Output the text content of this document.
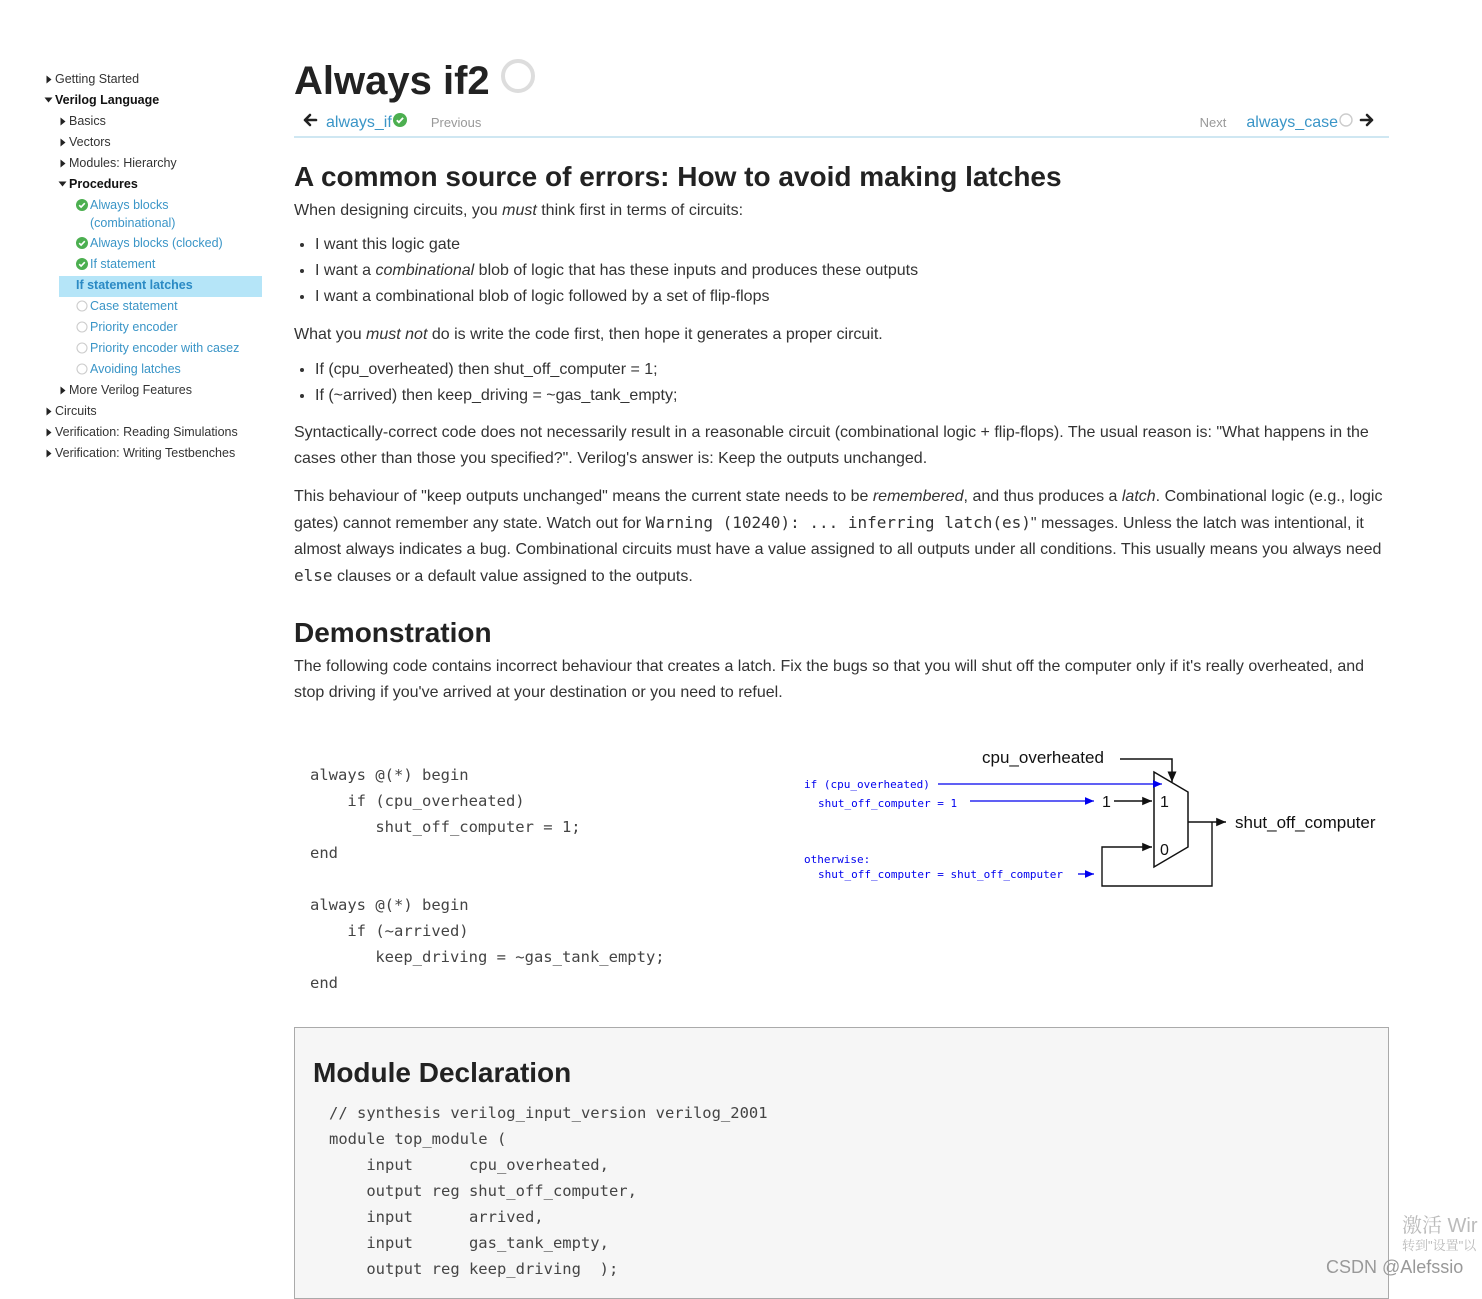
Getting Started
Verilog Language
Basics
Vectors
Modules: Hierarchy
Procedures
Always blocks (combinational)
Always blocks (clocked)
If statement
If statement latches
Case statement
Priority encoder
Priority encoder with casez
Avoiding latches
More Verilog Features
Circuits
Verification: Reading Simulations
Verification: Writing Testbenches
Always if2
always_if	Previous	Next always_case
A common source of errors: How to avoid making latches

When designing circuits, you must think first in terms of circuits:

• I want this logic gate
• I want a combinational blob of logic that has these inputs and produces these outputs
• I want a combinational blob of logic followed by a set of flip-flops

What you must not do is write the code first, then hope it generates a proper circuit.

• If (cpu_overheated) then shut_off_computer = 1;
• If (~arrived) then keep_driving = ~gas_tank_empty;

Syntactically-correct code does not necessarily result in a reasonable circuit (combinational logic + flip-flops). The usual reason is: "What happens in the cases other than those you specified?". Verilog's answer is: Keep the outputs unchanged.

This behaviour of "keep outputs unchanged" means the current state needs to be remembered, and thus produces a latch. Combinational logic (e.g., logic gates) cannot remember any state. Watch out for Warning (10240): ... inferring latch(es)" messages. Unless the latch was intentional, it almost always indicates a bug. Combinational circuits must have a value assigned to all outputs under all conditions. This usually means you always need else clauses or a default value assigned to the outputs.

Demonstration

The following code contains incorrect behaviour that creates a latch. Fix the bugs so that you will shut off the computer only if it's really overheated, and stop driving if you've arrived at your destination or you need to refuel.

always @(*) begin
if (cpu_overheated)
shut_off_computer = 1;
end

always @(*) begin
if (~arrived)
keep_driving = ~gas_tank_empty;
end
cpu_overheated
1
0
if (cpu_overheated)
shut_off_computer = 1	1
shut_off_computer
otherwise:
shut_off_computer = shut_off_computer
Module Declaration
// synthesis verilog_input_version verilog_2001
module top_module (
input      cpu_overheated,
output reg shut_off_computer,
input      arrived,
input      gas_tank_empty,
output reg keep_driving  );
激活 Wir
转到"设置"以
CSDN @Alefssio
